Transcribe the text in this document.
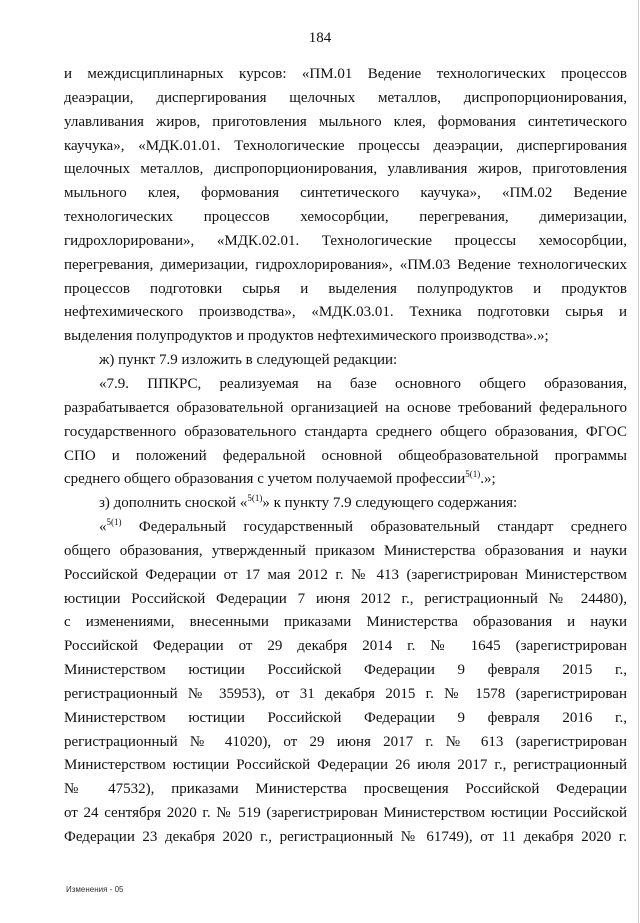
184
и междисциплинарных курсов: «ПМ.01 Ведение технологических процессов
деаэрации, диспергирования щелочных металлов, диспропорционирования,
улавливания жиров, приготовления мыльного клея, формования синтетического
каучука», «МДК.01.01. Технологические процессы деаэрации, диспергирования
щелочных металлов, диспропорционирования, улавливания жиров, приготовления
мыльного клея, формования синтетического каучука», «ПМ.02 Ведение
технологических процессов хемосорбции, перегревания, димеризации,
гидрохлорировани», «МДК.02.01. Технологические процессы хемосорбции,
перегревания, димеризации, гидрохлорирования», «ПМ.03 Ведение технологических
процессов подготовки сырья и выделения полупродуктов и продуктов
нефтехимического производства», «МДК.03.01. Техника подготовки сырья и
выделения полупродуктов и продуктов нефтехимического производства».»;
ж) пункт 7.9 изложить в следующей редакции:
«7.9. ППКРС, реализуемая на базе основного общего образования,
разрабатывается образовательной организацией на основе требований федерального
государственного образовательного стандарта среднего общего образования, ФГОС
СПО и положений федеральной основной общеобразовательной программы
среднего общего образования с учетом получаемой профессии$^{5(1)}$.»;
з) дополнить сноской «$^{5(1)}$» к пункту 7.9 следующего содержания:
«$^{5(1)}$ Федеральный государственный образовательный стандарт среднего
общего образования, утвержденный приказом Министерства образования и науки
Российской Федерации от 17 мая 2012 г. № 413 (зарегистрирован Министерством
юстиции Российской Федерации 7 июня 2012 г., регистрационный № 24480),
с изменениями, внесенными приказами Министерства образования и науки
Российской Федерации от 29 декабря 2014 г. № 1645 (зарегистрирован
Министерством юстиции Российской Федерации 9 февраля 2015 г.,
регистрационный № 35953), от 31 декабря 2015 г. № 1578 (зарегистрирован
Министерством юстиции Российской Федерации 9 февраля 2016 г.,
регистрационный № 41020), от 29 июня 2017 г. № 613 (зарегистрирован
Министерством юстиции Российской Федерации 26 июля 2017 г., регистрационный
№ 47532), приказами Министерства просвещения Российской Федерации
от 24 сентября 2020 г. № 519 (зарегистрирован Министерством юстиции Российской
Федерации 23 декабря 2020 г., регистрационный № 61749), от 11 декабря 2020 г.
Изменения - 05
